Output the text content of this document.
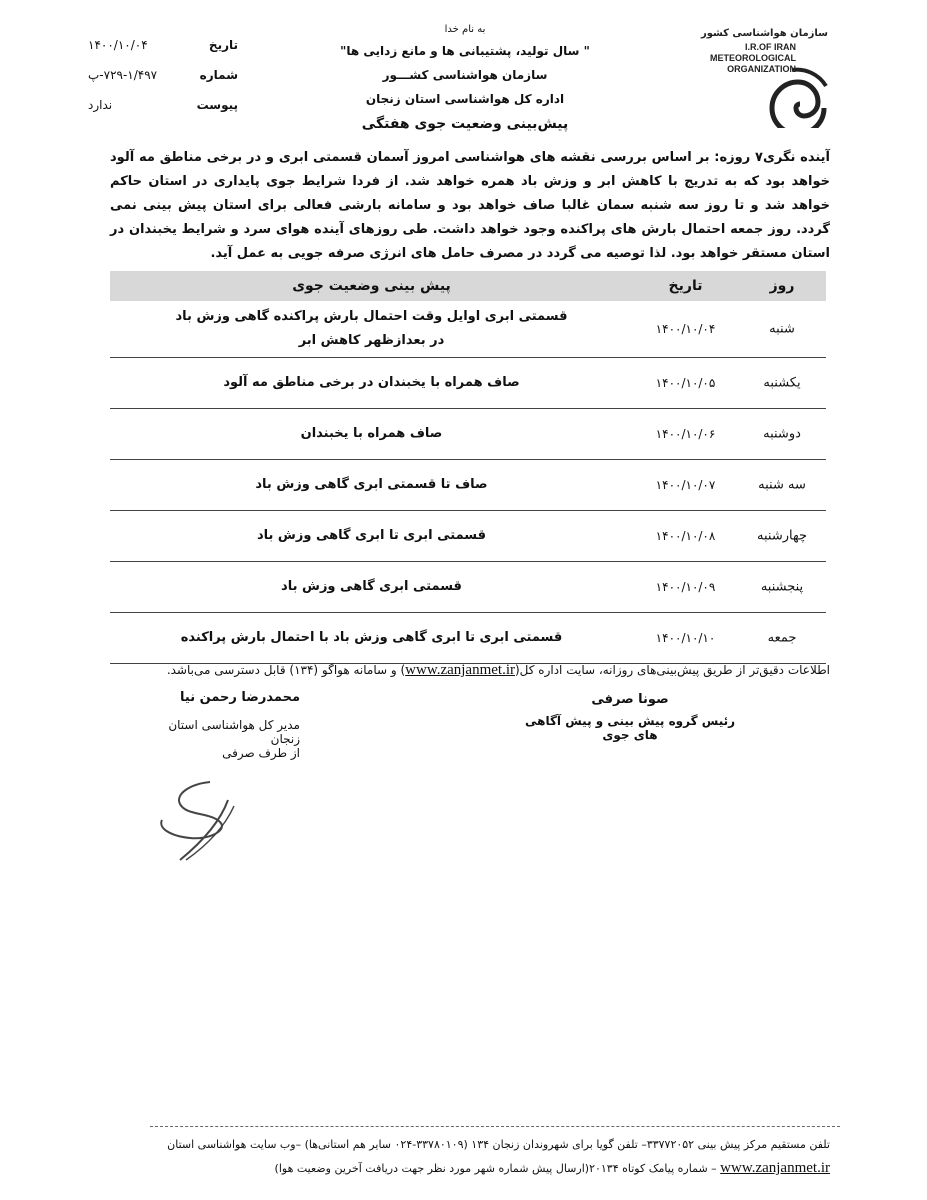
تاریخ
۱۴۰۰/۱۰/۰۴
شماره
۷۲۹-۱/۴۹۷-پ
پیوست
ندارد
به نام خدا
" سال تولید، پشتیبانی ها و مانع زدایی ها"
سازمان هواشناسی کشـــور
اداره کل هواشناسی استان زنجان
پیش‌بینی وضعیت جوی هفتگی
سازمان هواشناسی کشور
I.R.OF IRAN
METEOROLOGICAL
ORGANIZATION
آینده نگری۷ روزه: بر اساس بررسی نقشه های هواشناسی امروز آسمان قسمتی ابری و در برخی مناطق مه آلود خواهد بود که به تدریج با کاهش ابر و وزش باد همره خواهد شد. از فردا شرایط جوی پایداری در استان حاکم خواهد شد و تا روز سه شنبه سمان غالبا صاف خواهد بود و سامانه بارشی فعالی برای استان پیش بینی نمی گردد. روز جمعه احتمال بارش های پراکنده وجود خواهد داشت. طی روزهای آینده هوای سرد و شرایط یخبندان در استان مستقر خواهد بود. لذا توصیه می گردد در مصرف حامل های انرژی صرفه جویی به عمل آید.
روز
تاریخ
پیش بینی وضعیت جوی
شنبه
۱۴۰۰/۱۰/۰۴
قسمتی ابری اوایل وقت احتمال بارش پراکنده گاهی وزش باد در بعدازظهر کاهش ابر
یکشنبه
۱۴۰۰/۱۰/۰۵
صاف همراه با یخبندان در برخی مناطق مه آلود
دوشنبه
۱۴۰۰/۱۰/۰۶
صاف همراه با یخبندان
سه شنبه
۱۴۰۰/۱۰/۰۷
صاف تا قسمتی ابری گاهی وزش باد
چهارشنبه
۱۴۰۰/۱۰/۰۸
قسمتی ابری تا ابری گاهی وزش باد
پنجشنبه
۱۴۰۰/۱۰/۰۹
قسمتی ابری گاهی وزش باد
جمعه
۱۴۰۰/۱۰/۱۰
قسمتی ابری تا ابری گاهی وزش باد با احتمال بارش پراکنده
اطلاعات دقیق‌تر از طریق پیش‌بینی‌های روزانه، سایت اداره کل(www.zanjanmet.ir) و سامانه هواگو (۱۳۴) قابل دسترسی می‌باشد.
صونا صرفی
رئیس گروه پیش بینی و پیش آگاهی های جوی
محمدرضا رحمن نیا
مدیر کل هواشناسی استان زنجان
از طرف صرفی
تلفن مستقیم مرکز پیش بینی ۳۳۷۷۲۰۵۲– تلفن گویا برای شهروندان زنجان ۱۳۴ (۳۳۷۸۰۱۰۹-۰۲۴ سایر هم استانی‌ها) –وب سایت هواشناسی استان
www.zanjanmet.ir – شماره پیامک کوتاه ۲۰۱۳۴(ارسال پیش شماره شهر مورد نظر جهت دریافت آخرین وضعیت هوا)
